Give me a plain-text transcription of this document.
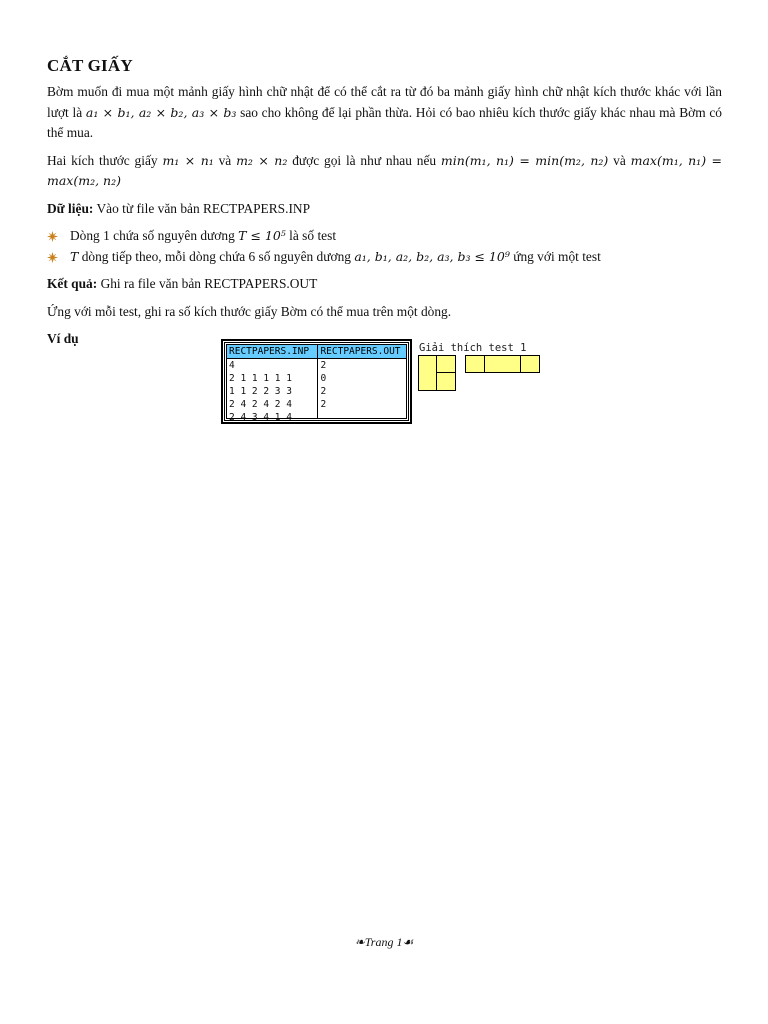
CẮT GIẤY

Bờm muốn đi mua một mảnh giấy hình chữ nhật để có thể cắt ra từ đó ba mảnh giấy hình chữ nhật kích thước khác với lần lượt là a₁ × b₁, a₂ × b₂, a₃ × b₃ sao cho không để lại phần thừa. Hỏi có bao nhiêu kích thước giấy khác nhau mà Bờm có thể mua.

Hai kích thước giấy m₁ × n₁ và m₂ × n₂ được gọi là như nhau nếu min(m₁, n₁) = min(m₂, n₂) và max(m₁, n₁) = max(m₂, n₂)

Dữ liệu: Vào từ file văn bản RECTPAPERS.INP

Dòng 1 chứa số nguyên dương T ≤ 10⁵ là số test
T dòng tiếp theo, mỗi dòng chứa 6 số nguyên dương a₁, b₁, a₂, b₂, a₃, b₃ ≤ 10⁹ ứng với một test

Kết quả: Ghi ra file văn bản RECTPAPERS.OUT

Ứng với mỗi test, ghi ra số kích thước giấy Bờm có thể mua trên một dòng.

Ví dụ

RECTPAPERS.INP
4
2 1 1 1 1 1
1 1 2 2 3 3
2 4 2 4 2 4
2 4 3 4 1 4
RECTPAPERS.OUT
2
0
2
2
Giải thích test 1
❧Trang 1☙
